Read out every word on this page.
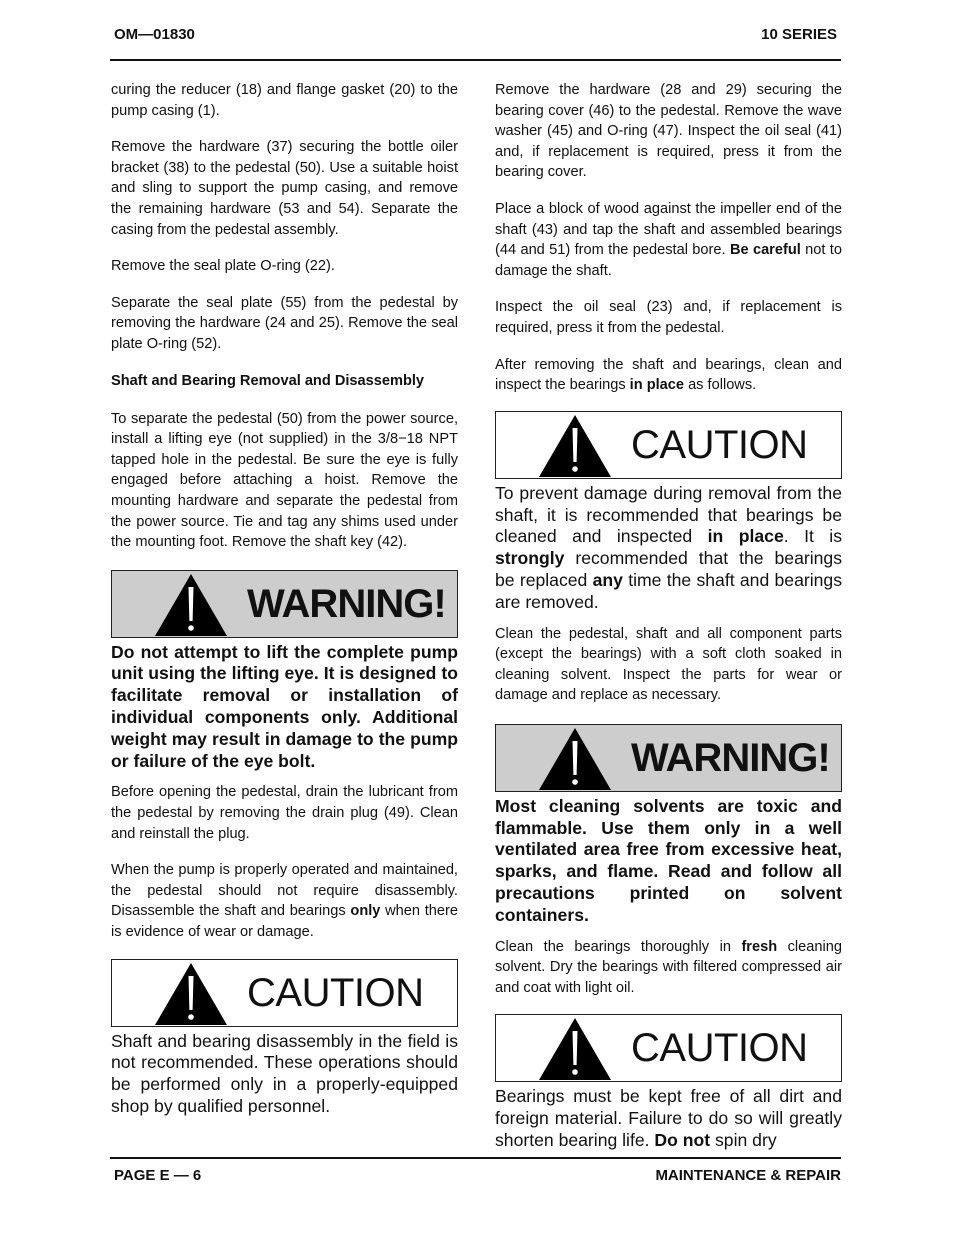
OM—01830	10 SERIES

curing the reducer (18) and flange gasket (20) to the pump casing (1).

Remove the hardware (37) securing the bottle oiler bracket (38) to the pedestal (50). Use a suitable hoist and sling to support the pump casing, and remove the remaining hardware (53 and 54). Separate the casing from the pedestal assembly.

Remove the seal plate O-ring (22).

Separate the seal plate (55) from the pedestal by removing the hardware (24 and 25). Remove the seal plate O-ring (52).

Shaft and Bearing Removal and Disassembly

To separate the pedestal (50) from the power source, install a lifting eye (not supplied) in the 3/8−18 NPT tapped hole in the pedestal. Be sure the eye is fully engaged before attaching a hoist. Remove the mounting hardware and separate the pedestal from the power source. Tie and tag any shims used under the mounting foot. Remove the shaft key (42).

WARNING!

Do not attempt to lift the complete pump unit using the lifting eye. It is designed to facilitate removal or installation of individual components only. Additional weight may result in damage to the pump or failure of the eye bolt.

Before opening the pedestal, drain the lubricant from the pedestal by removing the drain plug (49). Clean and reinstall the plug.

When the pump is properly operated and maintained, the pedestal should not require disassembly. Disassemble the shaft and bearings only when there is evidence of wear or damage.

CAUTION

Shaft and bearing disassembly in the field is not recommended. These operations should be performed only in a properly-equipped shop by qualified personnel.

Remove the hardware (28 and 29) securing the bearing cover (46) to the pedestal. Remove the wave washer (45) and O-ring (47). Inspect the oil seal (41) and, if replacement is required, press it from the bearing cover.

Place a block of wood against the impeller end of the shaft (43) and tap the shaft and assembled bearings (44 and 51) from the pedestal bore. Be careful not to damage the shaft.

Inspect the oil seal (23) and, if replacement is required, press it from the pedestal.

After removing the shaft and bearings, clean and inspect the bearings in place as follows.

CAUTION

To prevent damage during removal from the shaft, it is recommended that bearings be cleaned and inspected in place. It is strongly recommended that the bearings be replaced any time the shaft and bearings are removed.

Clean the pedestal, shaft and all component parts (except the bearings) with a soft cloth soaked in cleaning solvent. Inspect the parts for wear or damage and replace as necessary.

WARNING!

Most cleaning solvents are toxic and flammable. Use them only in a well ventilated area free from excessive heat, sparks, and flame. Read and follow all precautions printed on solvent containers.

Clean the bearings thoroughly in fresh cleaning solvent. Dry the bearings with filtered compressed air and coat with light oil.

CAUTION

Bearings must be kept free of all dirt and foreign material. Failure to do so will greatly shorten bearing life. Do not spin dry

PAGE E — 6	MAINTENANCE & REPAIR
